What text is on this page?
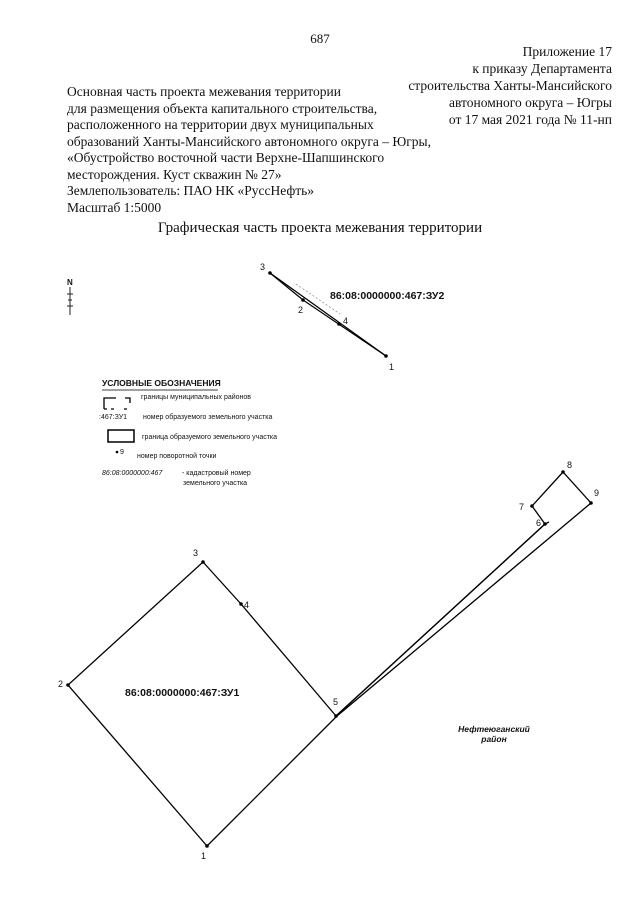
687
Приложение 17
к приказу Департамента
строительства Ханты-Мансийского
автономного округа – Югры
от 17 мая 2021 года № 11-нп
Основная часть проекта межевания территории
для размещения объекта капитального строительства,
расположенного на территории двух муниципальных
образований Ханты-Мансийского автономного округа – Югры,
«Обустройство восточной части Верхне-Шапшинского
месторождения. Куст скважин № 27»
Землепользователь: ПАО НК «РуссНефть»
Масштаб 1:5000
Графическая часть проекта межевания территории
N
86:08:0000000:467:ЗУ2
1
2
3
4
УСЛОВНЫЕ ОБОЗНАЧЕНИЯ
границы муниципальных районов
:467:ЗУ1 номер образуемого земельного участка
граница образуемого земельного участка
9
номер поворотной точки
86:08:0000000:467	- кадастровый номер
земельного участка
86:08:0000000:467:ЗУ1
1
2
3
4
5
6
7
8
9
Нефтеюганский
район
